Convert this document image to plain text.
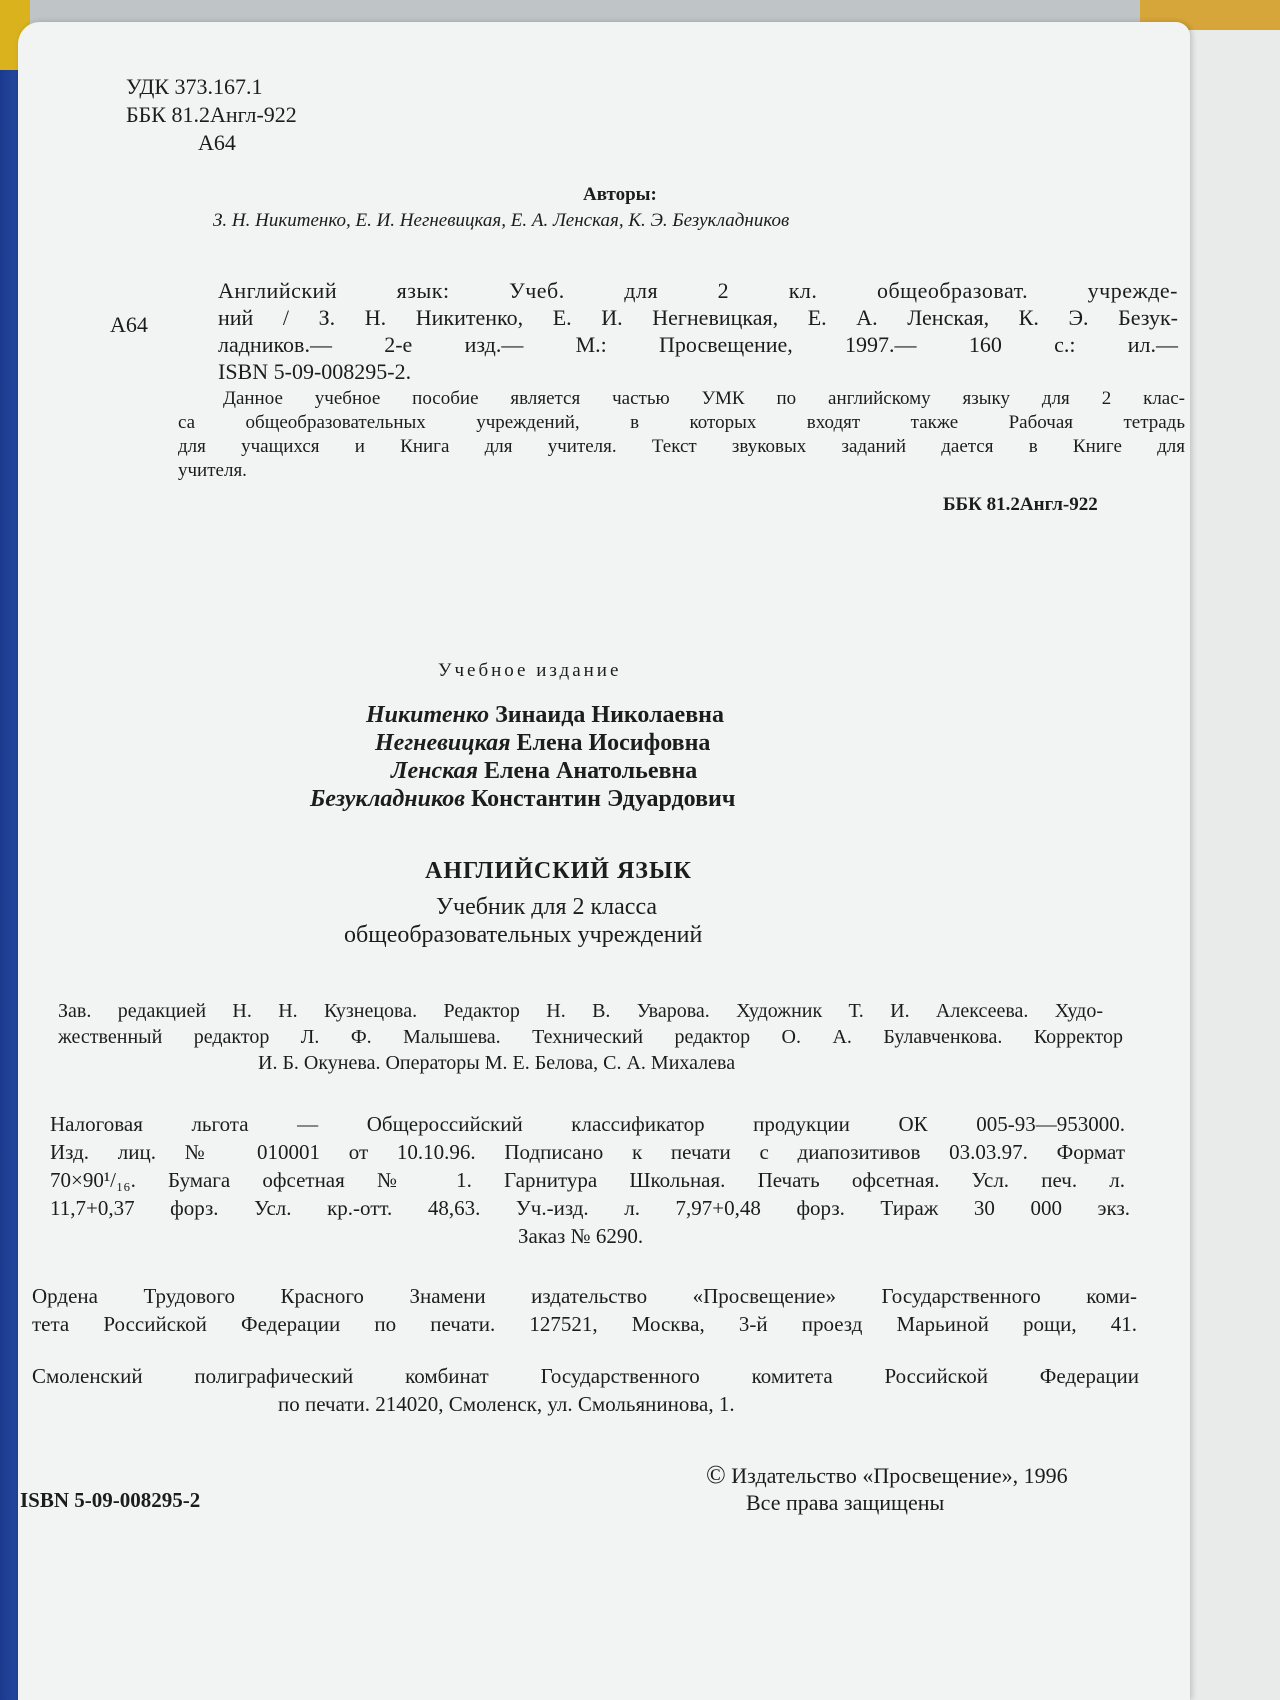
УДК 373.167.1
ББК 81.2Англ-922
А64
Авторы:
З. Н. Никитенко, Е. И. Негневицкая, Е. А. Ленская, К. Э. Безукладников
А64
Английский язык: Учеб. для 2 кл. общеобразоват. учрежде-
ний / З. Н. Никитенко, Е. И. Негневицкая, Е. А. Ленская, К. Э. Безук-
ладников.— 2-е изд.— М.: Просвещение, 1997.— 160 с.: ил.—
ISBN 5-09-008295-2.
Данное учебное пособие является частью УМК по английскому языку для 2 клас-
са общеобразовательных учреждений, в которых входят также Рабочая тетрадь
для учащихся и Книга для учителя. Текст звуковых заданий дается в Книге для
учителя.
ББК 81.2Англ-922
Учебное издание
Никитенко Зинаида Николаевна
Негневицкая Елена Иосифовна
Ленская Елена Анатольевна
Безукладников Константин Эдуардович
АНГЛИЙСКИЙ ЯЗЫК
Учебник для 2 класса
общеобразовательных учреждений
Зав. редакцией Н. Н. Кузнецова. Редактор Н. В. Уварова. Художник Т. И. Алексеева. Худо-
жественный редактор Л. Ф. Малышева. Технический редактор О. А. Булавченкова. Корректор
И. Б. Окунева. Операторы М. Е. Белова, С. А. Михалева
Налоговая льгота — Общероссийский классификатор продукции ОК 005-93—953000.
Изд. лиц. № 010001 от 10.10.96. Подписано к печати с диапозитивов 03.03.97. Формат
70×90¹/₁₆. Бумага офсетная № 1. Гарнитура Школьная. Печать офсетная. Усл. печ. л.
11,7+0,37 форз. Усл. кр.-отт. 48,63. Уч.-изд. л. 7,97+0,48 форз. Тираж 30 000 экз.
Заказ № 6290.
Ордена Трудового Красного Знамени издательство «Просвещение» Государственного коми-
тета Российской Федерации по печати. 127521, Москва, 3-й проезд Марьиной рощи, 41.
Смоленский полиграфический комбинат Государственного комитета Российской Федерации
по печати. 214020, Смоленск, ул. Смольянинова, 1.
ISBN 5-09-008295-2
© Издательство «Просвещение», 1996
Все права защищены
